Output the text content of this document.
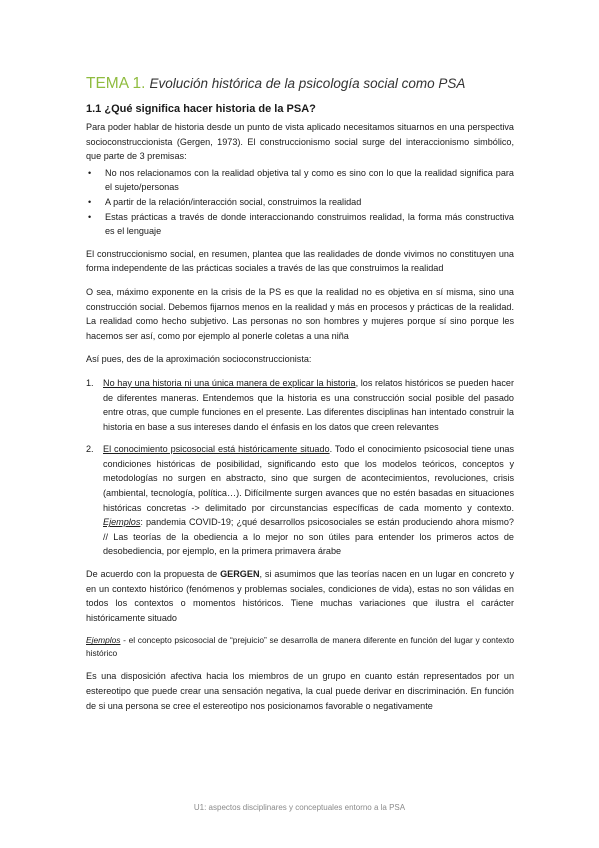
TEMA 1. Evolución histórica de la psicología social como PSA
1.1 ¿Qué significa hacer historia de la PSA?

Para poder hablar de historia desde un punto de vista aplicado necesitamos situarnos en una perspectiva socioconstruccionista (Gergen, 1973). El construccionismo social surge del interaccionismo simbólico, que parte de 3 premisas:

• No nos relacionamos con la realidad objetiva tal y como es sino con lo que la realidad significa para el sujeto/personas
• A partir de la relación/interacción social, construimos la realidad
• Estas prácticas a través de donde interaccionando construimos realidad, la forma más constructiva es el lenguaje

El construccionismo social, en resumen, plantea que las realidades de donde vivimos no constituyen una forma independente de las prácticas sociales a través de las que construimos la realidad

O sea, máximo exponente en la crisis de la PS es que la realidad no es objetiva en sí misma, sino una construcción social. Debemos fijarnos menos en la realidad y más en procesos y prácticas de la realidad. La realidad como hecho subjetivo. Las personas no son hombres y mujeres porque sí sino porque les hacemos ser así, como por ejemplo al ponerle coletas a una niña

Así pues, des de la aproximación socioconstruccionista:

1. No hay una historia ni una única manera de explicar la historia, los relatos históricos se pueden hacer de diferentes maneras. Entendemos que la historia es una construcción social posible del pasado entre otras, que cumple funciones en el presente. Las diferentes disciplinas han intentado construir la historia en base a sus intereses dando el énfasis en los datos que creen relevantes
2. El conocimiento psicosocial está históricamente situado. Todo el conocimiento psicosocial tiene unas condiciones históricas de posibilidad, significando esto que los modelos teóricos, conceptos y metodologías no surgen en abstracto, sino que surgen de acontecimientos, revoluciones, crisis (ambiental, tecnología, política…). Difícilmente surgen avances que no estén basadas en situaciones históricas concretas -> delimitado por circunstancias específicas de cada momento y contexto. Ejemplos: pandemia COVID-19; ¿qué desarrollos psicosociales se están produciendo ahora mismo? // Las teorías de la obediencia a lo mejor no son útiles para entender los primeros actos de desobediencia, por ejemplo, en la primera primavera árabe

De acuerdo con la propuesta de GERGEN, si asumimos que las teorías nacen en un lugar en concreto y en un contexto histórico (fenómenos y problemas sociales, condiciones de vida), estas no son válidas en todos los contextos o momentos históricos. Tiene muchas variaciones que ilustra el carácter históricamente situado

Ejemplos - el concepto psicosocial de “prejuicio” se desarrolla de manera diferente en función del lugar y contexto histórico

Es una disposición afectiva hacia los miembros de un grupo en cuanto están representados por un estereotipo que puede crear una sensación negativa, la cual puede derivar en discriminación. En función de si una persona se cree el estereotipo nos posicionamos favorable o negativamente

U1: aspectos disciplinares y conceptuales entorno a la PSA
